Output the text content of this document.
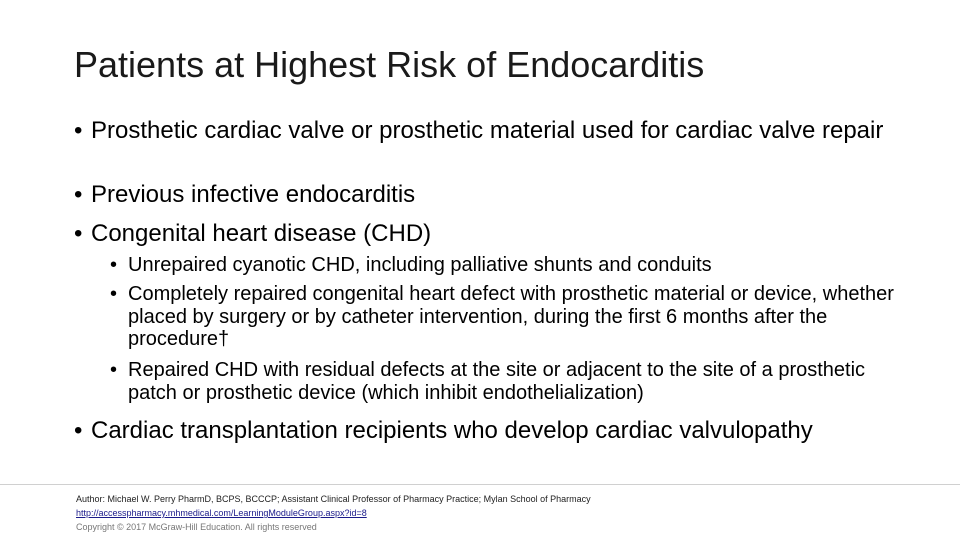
Patients at Highest Risk of Endocarditis
• Prosthetic cardiac valve or prosthetic material used for cardiac valve repair
• Previous infective endocarditis
• Congenital heart disease (CHD)
• Unrepaired cyanotic CHD, including palliative shunts and conduits
• Completely repaired congenital heart defect with prosthetic material or device, whether placed by surgery or by catheter intervention, during the first 6 months after the procedure†
• Repaired CHD with residual defects at the site or adjacent to the site of a prosthetic patch or prosthetic device (which inhibit endothelialization)
• Cardiac transplantation recipients who develop cardiac valvulopathy
Author: Michael W. Perry PharmD, BCPS, BCCCP; Assistant Clinical Professor of Pharmacy Practice; Mylan School of Pharmacy
http://accesspharmacy.mhmedical.com/LearningModuleGroup.aspx?id=8
Copyright © 2017 McGraw-Hill Education. All rights reserved
